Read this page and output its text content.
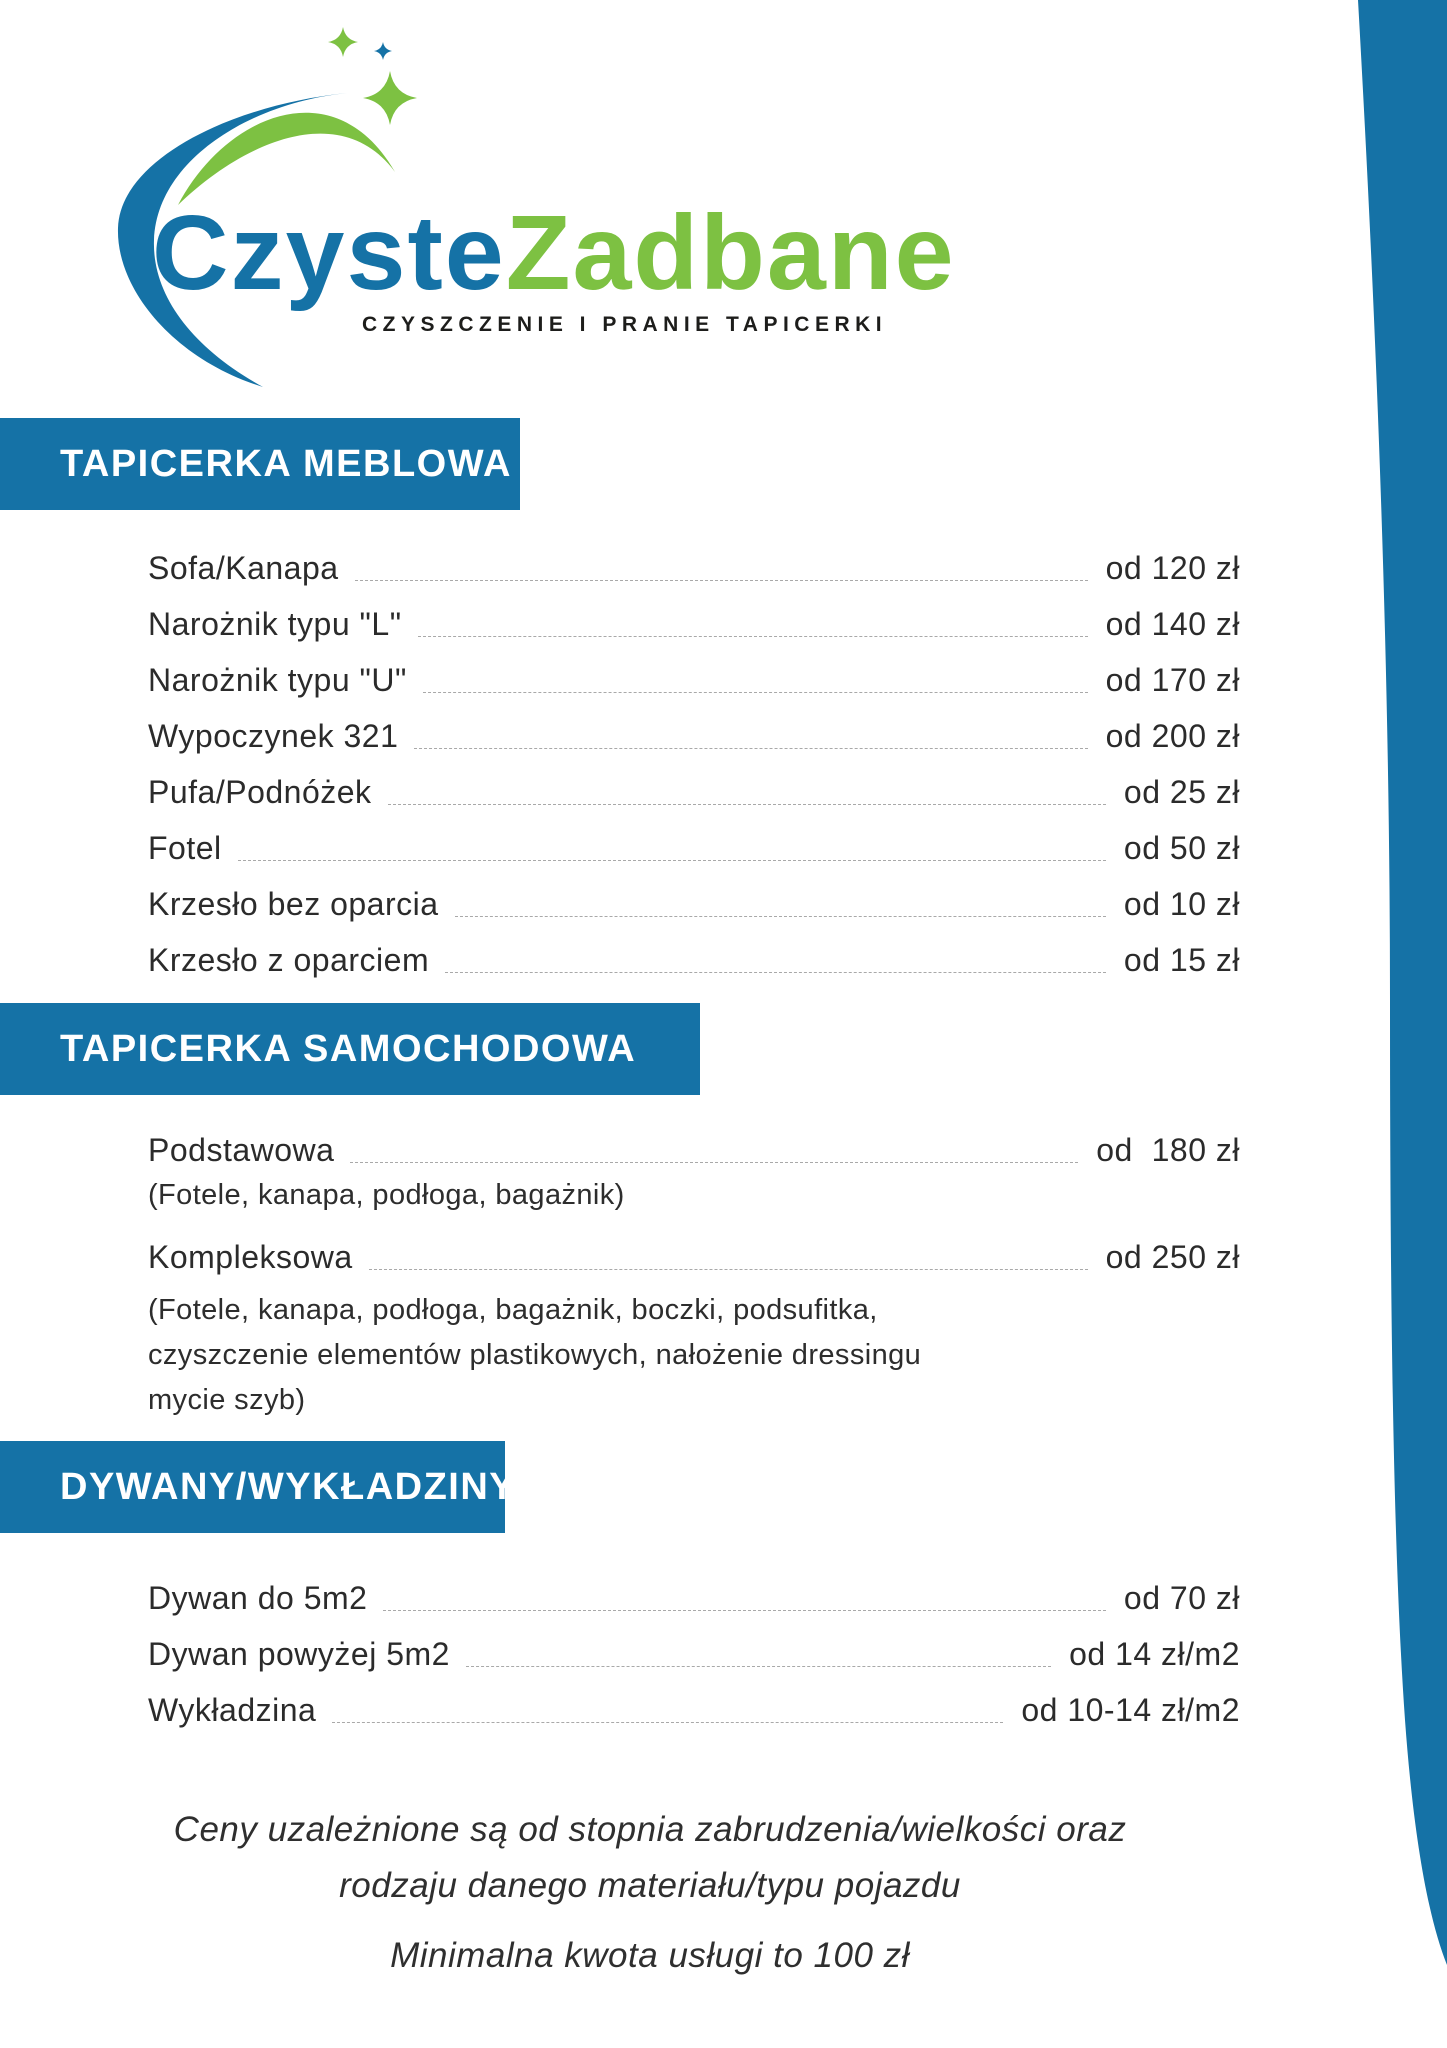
CzysteZadbane
CZYSZCZENIE I PRANIE TAPICERKI
TAPICERKA MEBLOWA
Sofa/Kanapa	od 120 zł
Narożnik typu "L"	od 140 zł
Narożnik typu "U"	od 170 zł
Wypoczynek 321	od 200 zł
Pufa/Podnóżek	od 25 zł
Fotel	od 50 zł
Krzesło bez oparcia	od 10 zł
Krzesło z oparciem	od 15 zł
TAPICERKA SAMOCHODOWA
Podstawowa	od  180 zł
(Fotele, kanapa, podłoga, bagażnik)
Kompleksowa	od 250 zł
(Fotele, kanapa, podłoga, bagażnik, boczki, podsufitka,
czyszczenie elementów plastikowych, nałożenie dressingu
mycie szyb)
DYWANY/WYKŁADZINY
Dywan do 5m2	od 70 zł
Dywan powyżej 5m2	od 14 zł/m2
Wykładzina	od 10-14 zł/m2
Ceny uzależnione są od stopnia zabrudzenia/wielkości oraz
rodzaju danego materiału/typu pojazdu
Minimalna kwota usługi to 100 zł
